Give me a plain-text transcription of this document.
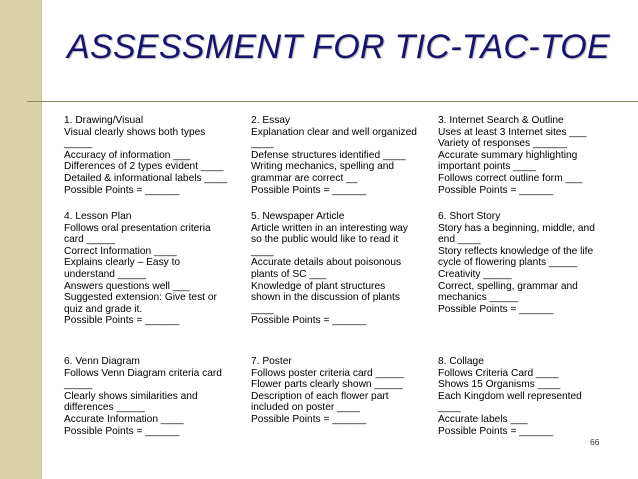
ASSESSMENT FOR TIC-TAC-TOE
1. Drawing/Visual
Visual clearly shows both types
_____
Accuracy of information ___
Differences of 2 types evident ____
Detailed & informational labels ____
Possible Points = ______
2. Essay
Explanation clear and well organized
____
Defense structures identified ____
Writing mechanics, spelling and
grammar are correct __
Possible Points = ______
3. Internet Search & Outline
Uses at least 3 Internet sites ___
Variety of responses ______
Accurate summary highlighting
important points ____
Follows correct outline form ___
Possible Points = ______
4. Lesson Plan
Follows oral presentation criteria
card _____
Correct Information ____
Explains clearly – Easy to
understand _____
Answers questions well ___
Suggested extension: Give test or
quiz and grade it.
Possible Points = ______
5. Newspaper Article
Article written in an interesting way
so the public would like to read it
____
Accurate details about poisonous
plants of SC ___
Knowledge of plant structures
shown in the discussion of plants
____
Possible Points = ______
6. Short Story
Story has a beginning, middle, and
end ____
Story reflects knowledge of the life
cycle of flowering plants _____
Creativity _____
Correct, spelling, grammar and
mechanics _____
Possible Points = ______
6. Venn Diagram
Follows Venn Diagram criteria card
_____
Clearly shows similarities and
differences _____
Accurate Information ____
Possible Points = ______
7. Poster
Follows poster criteria card _____
Flower parts clearly shown _____
Description of each flower part
included on poster ____
Possible Points = ______
8. Collage
Follows Criteria Card ____
Shows 15 Organisms ____
Each Kingdom well represented
____
Accurate labels ___
Possible Points = ______
66
